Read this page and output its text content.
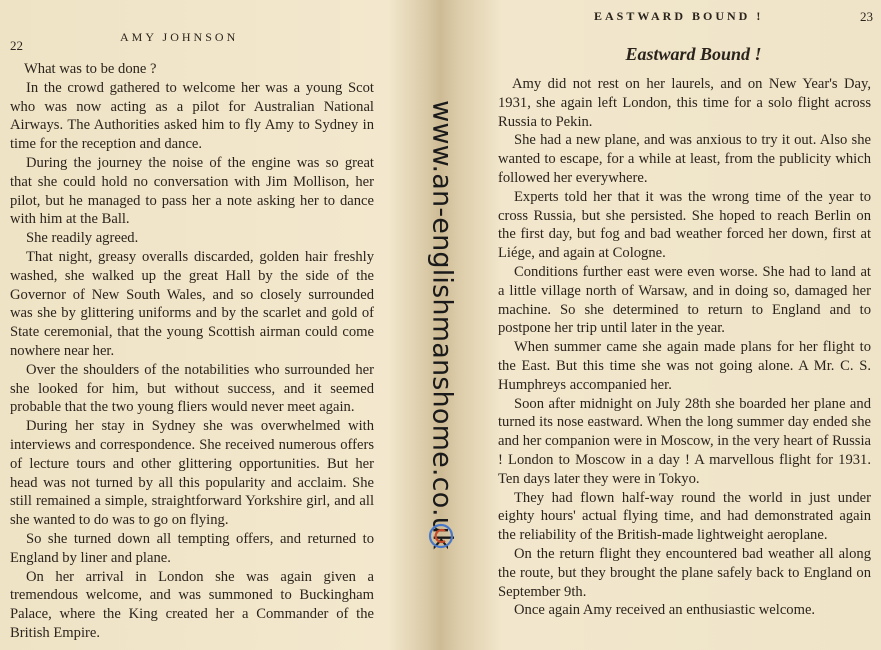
22
AMY JOHNSON

What was to be done ?

In the crowd gathered to welcome her was a young Scot who was now acting as a pilot for Australian National Airways. The Authorities asked him to fly Amy to Sydney in time for the reception and dance.

During the journey the noise of the engine was so great that she could hold no conversation with Jim Mollison, her pilot, but he managed to pass her a note asking her to dance with him at the Ball.

She readily agreed.

That night, greasy overalls discarded, golden hair freshly washed, she walked up the great Hall by the side of the Governor of New South Wales, and so closely surrounded was she by glittering uniforms and by the scarlet and gold of State ceremonial, that the young Scottish airman could come nowhere near her.

Over the shoulders of the notabilities who surrounded her she looked for him, but without success, and it seemed probable that the two young fliers would never meet again.

During her stay in Sydney she was overwhelmed with interviews and correspondence. She received numerous offers of lecture tours and other glittering opportunities. But her head was not turned by all this popularity and acclaim. She still remained a simple, straightforward Yorkshire girl, and all she wanted to do was to go on flying.

So she turned down all tempting offers, and returned to England by liner and plane.

On her arrival in London she was again given a tremendous welcome, and was summoned to Buckingham Palace, where the King created her a Commander of the British Empire.

EASTWARD BOUND !	23
Eastward Bound !

Amy did not rest on her laurels, and on New Year's Day, 1931, she again left London, this time for a solo flight across Russia to Pekin.

She had a new plane, and was anxious to try it out. Also she wanted to escape, for a while at least, from the publicity which followed her everywhere.

Experts told her that it was the wrong time of the year to cross Russia, but she persisted. She hoped to reach Berlin on the first day, but fog and bad weather forced her down, first at Liége, and again at Cologne.

Conditions further east were even worse. She had to land at a little village north of Warsaw, and in doing so, damaged her machine. So she determined to return to England and to postpone her trip until later in the year.

When summer came she again made plans for her flight to the East. But this time she was not going alone. A Mr. C. S. Humphreys accompanied her.

Soon after midnight on July 28th she boarded her plane and turned its nose eastward. When the long summer day ended she and her companion were in Moscow, in the very heart of Russia ! London to Moscow in a day ! A marvellous flight for 1931. Ten days later they were in Tokyo.

They had flown half-way round the world in just under eighty hours' actual flying time, and had demonstrated again the reliability of the British-made lightweight aeroplane.

On the return flight they encountered bad weather all along the route, but they brought the plane safely back to England on September 9th.

Once again Amy received an enthusiastic welcome.

www.an-englishmanshome.co.uk
